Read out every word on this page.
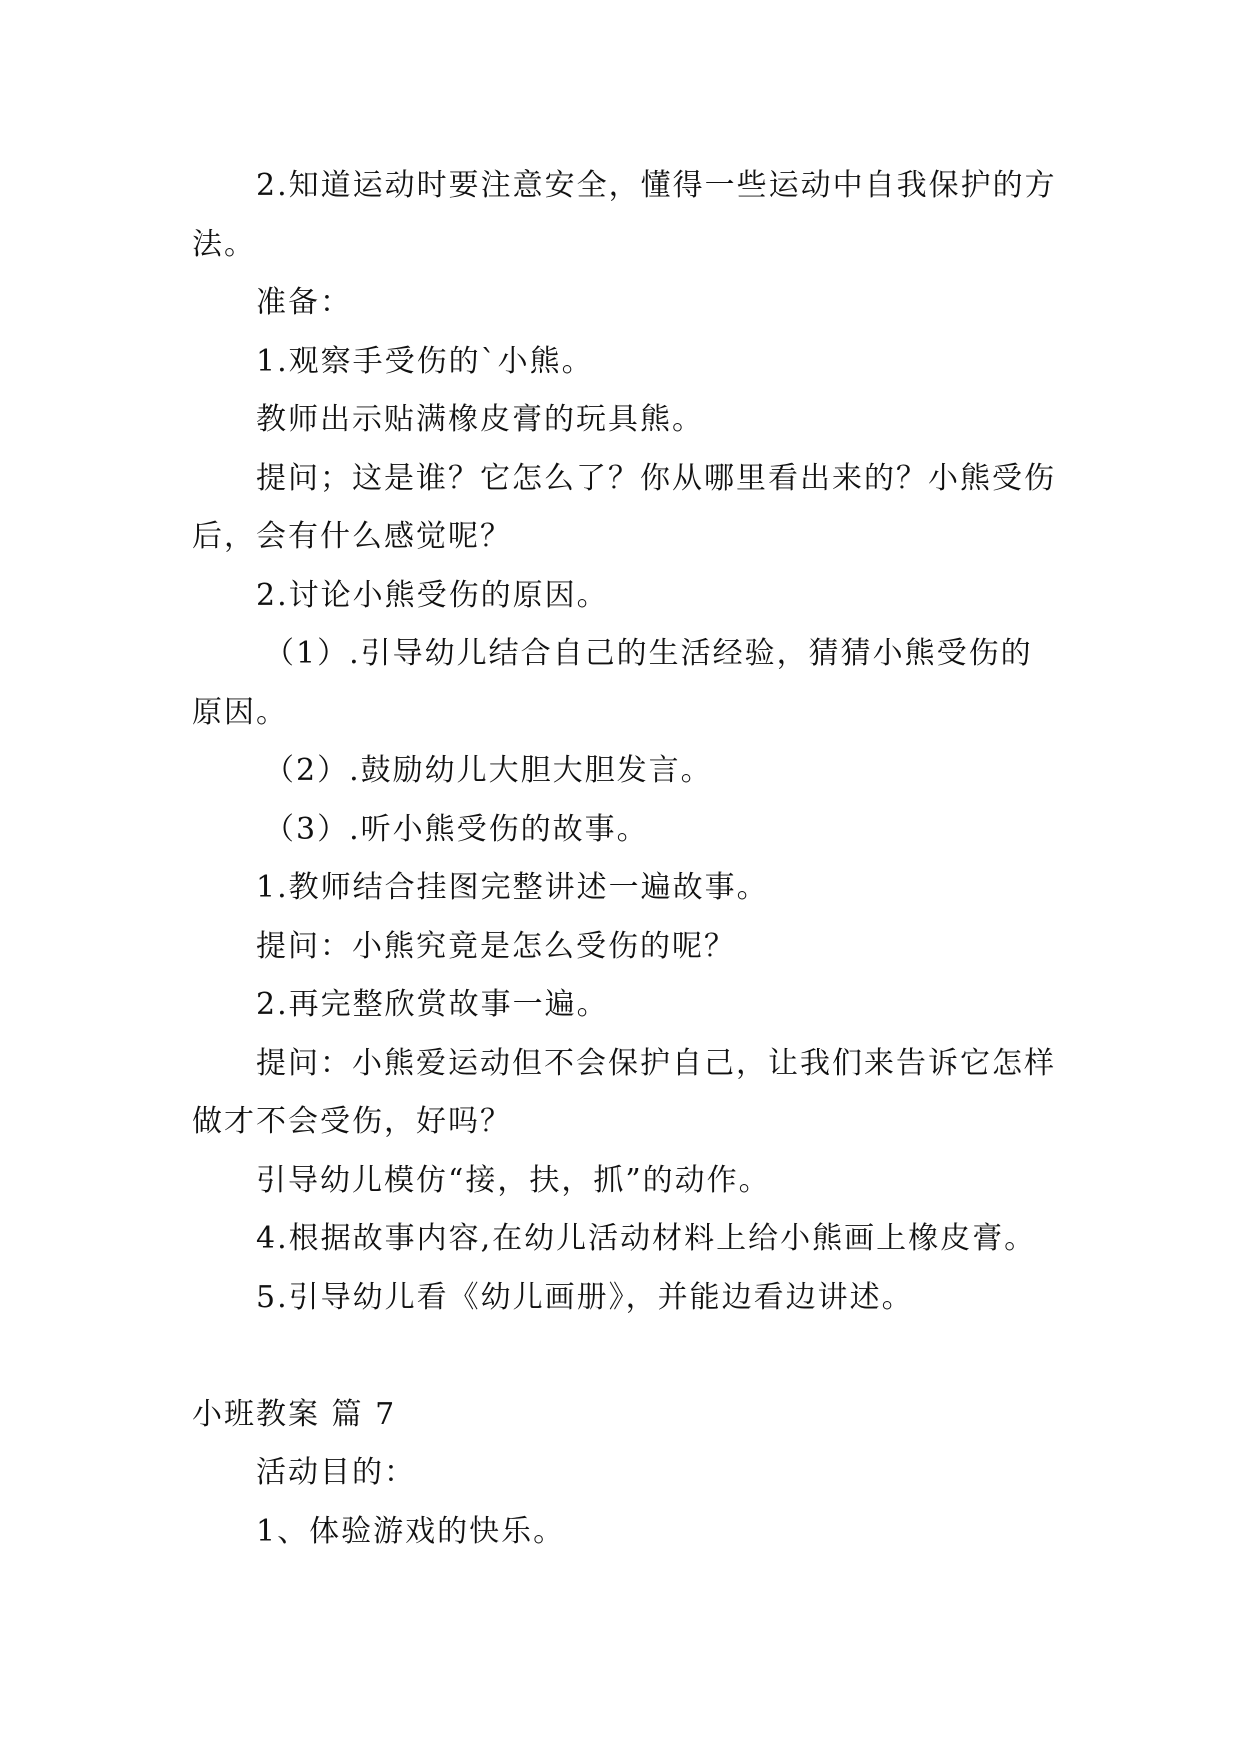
2.知道运动时要注意安全，懂得一些运动中自我保护的方法。

准备：

1.观察手受伤的`小熊。

教师出示贴满橡皮膏的玩具熊。

提问；这是谁？它怎么了？你从哪里看出来的？小熊受伤后，会有什么感觉呢？

2.讨论小熊受伤的原因。

（1）.引导幼儿结合自己的生活经验，猜猜小熊受伤的原因。

（2）.鼓励幼儿大胆大胆发言。

（3）.听小熊受伤的故事。

1.教师结合挂图完整讲述一遍故事。

提问：小熊究竟是怎么受伤的呢？

2.再完整欣赏故事一遍。

提问：小熊爱运动但不会保护自己，让我们来告诉它怎样做才不会受伤，好吗？

引导幼儿模仿“接，扶，抓”的动作。

4.根据故事内容,在幼儿活动材料上给小熊画上橡皮膏。

5.引导幼儿看《幼儿画册》，并能边看边讲述。

小班教案 篇 7

活动目的：

1、体验游戏的快乐。
